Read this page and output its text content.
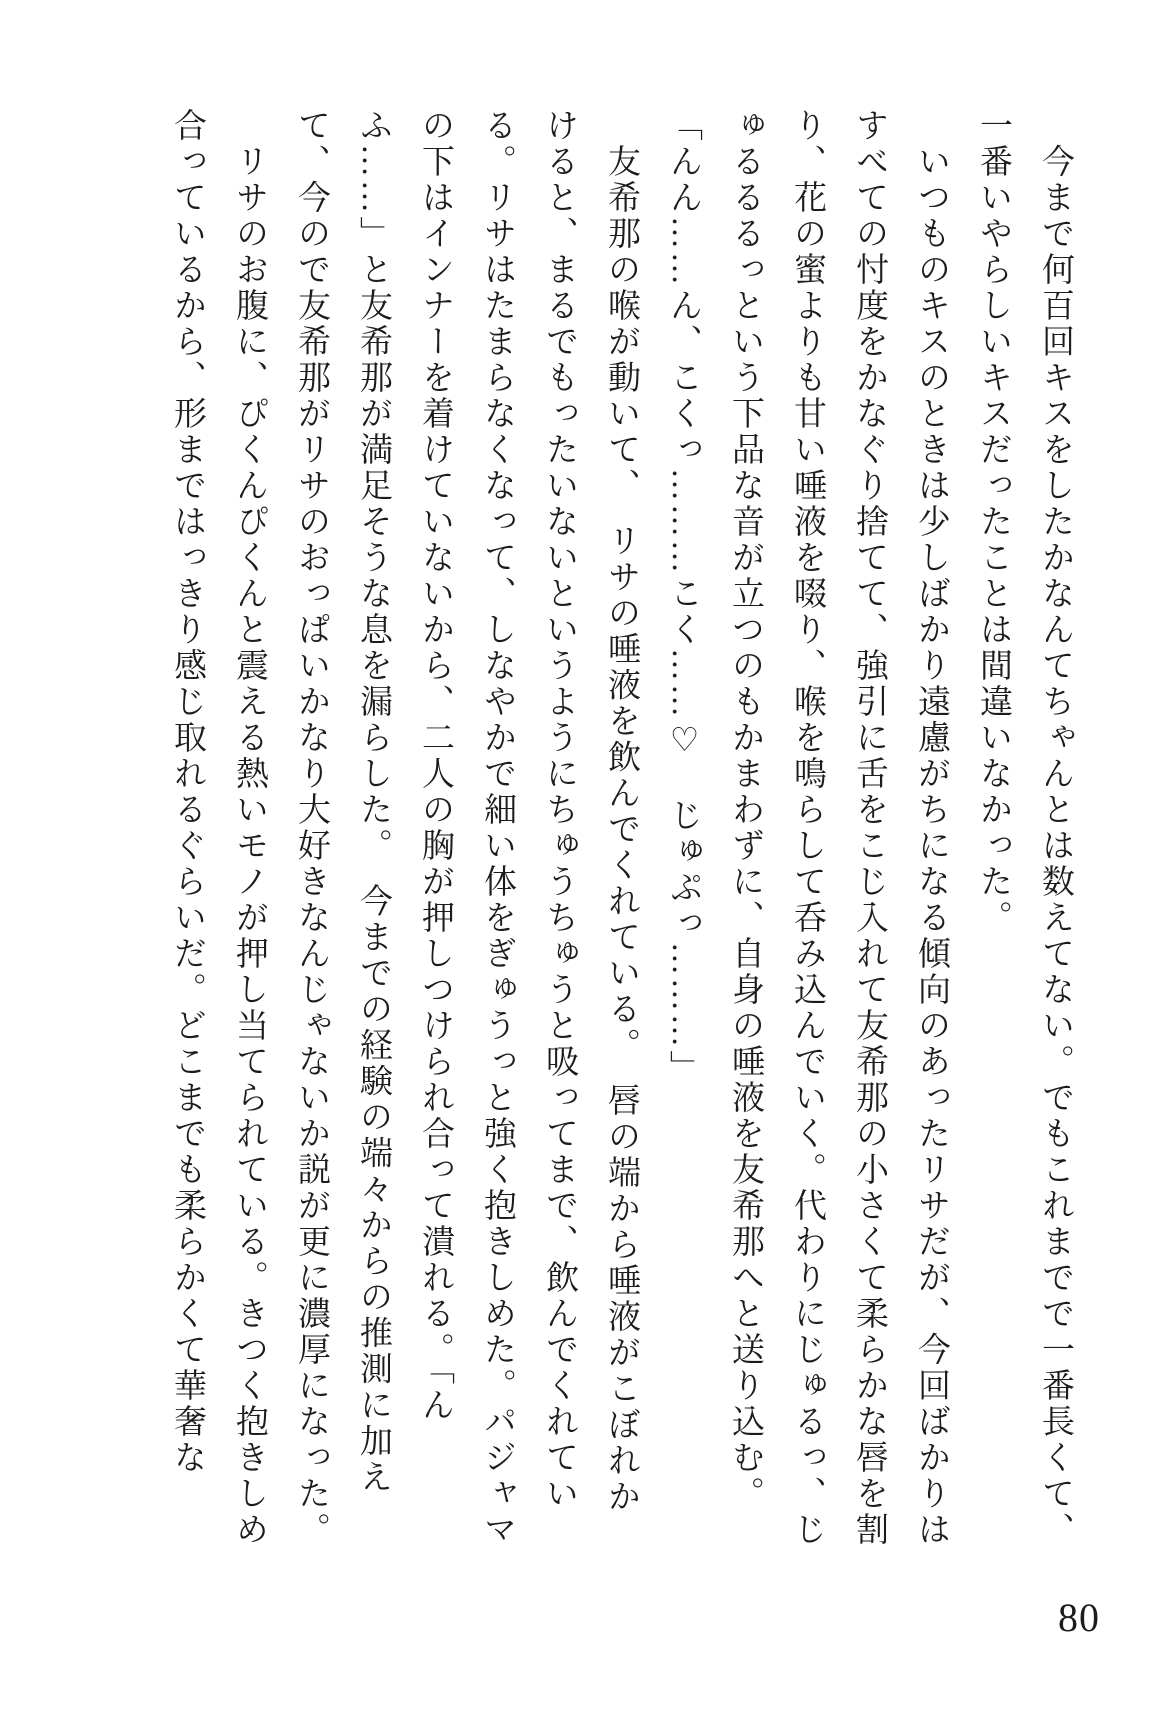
今まで何百回キスをしたかなんてちゃんとは数えてない。でもこれまでで一番長くて、一番いやらしいキスだったことは間違いなかった。

いつものキスのときは少しばかり遠慮がちになる傾向のあったリサだが、今回ばかりはすべての忖度をかなぐり捨てて、強引に舌をこじ入れて友希那の小さくて柔らかな唇を割り、花の蜜よりも甘い唾液を啜り、喉を鳴らして呑み込んでいく。代わりにじゅるっ、じゅるるるっという下品な音が立つのもかまわずに、自身の唾液を友希那へと送り込む。

「んん……ん、こくっ………こく……♡　じゅぷっ………」

友希那の喉が動いて、　リサの唾液を飲んでくれている。　唇の端から唾液がこぼれかけると、まるでもったいないというようにちゅうちゅうと吸ってまで、飲んでくれている。リサはたまらなくなって、しなやかで細い体をぎゅうっと強く抱きしめた。パジャマの下はインナーを着けていないから、二人の胸が押しつけられ合って潰れる。「んふ……」と友希那が満足そうな息を漏らした。　今までの経験の端々からの推測に加えて、今ので友希那がリサのおっぱいかなり大好きなんじゃないか説が更に濃厚になった。

リサのお腹に、ぴくんぴくんと震える熱いモノが押し当てられている。きつく抱きしめ合っているから、形まではっきり感じ取れるぐらいだ。どこまでも柔らかくて華奢な

80
